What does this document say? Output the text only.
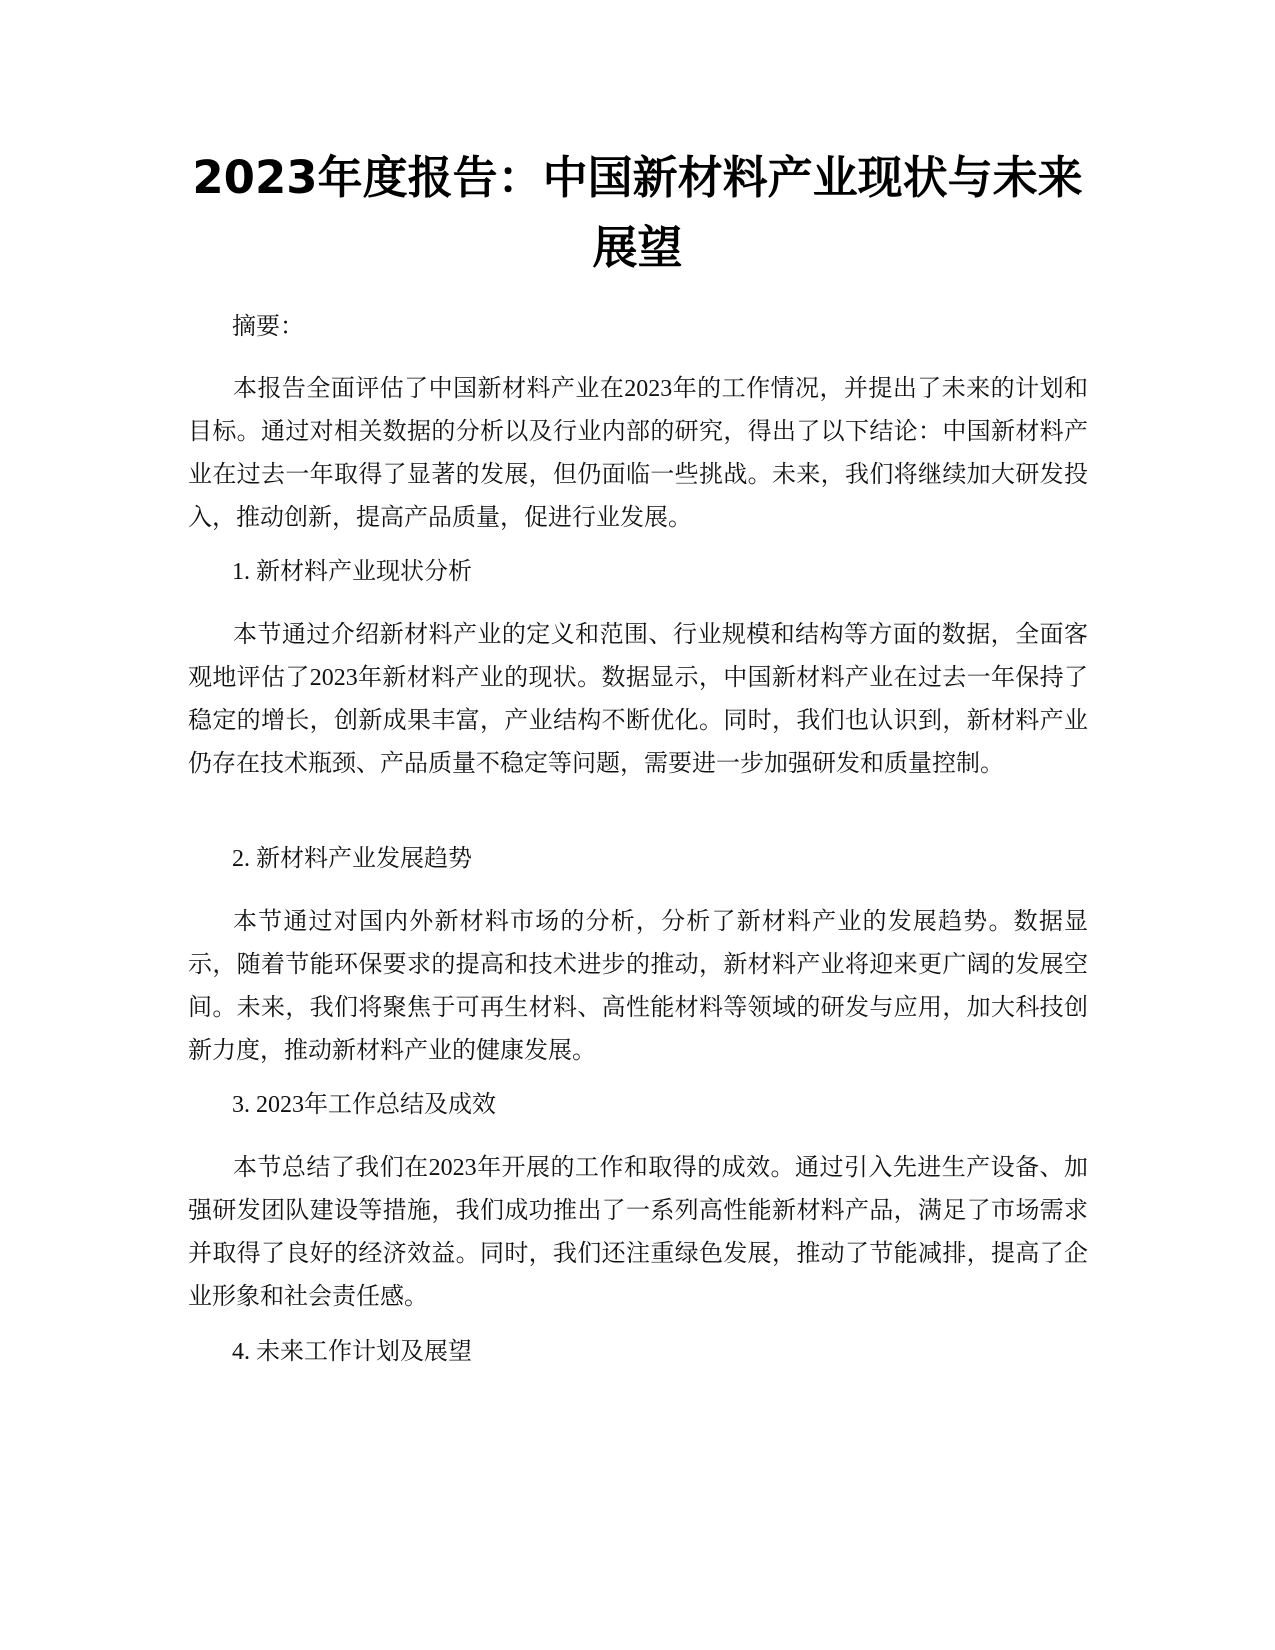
2023年度报告：中国新材料产业现状与未来展望

摘要：

本报告全面评估了中国新材料产业在2023年的工作情况，并提出了未来的计划和目标。通过对相关数据的分析以及行业内部的研究，得出了以下结论：中国新材料产业在过去一年取得了显著的发展，但仍面临一些挑战。未来，我们将继续加大研发投入，推动创新，提高产品质量，促进行业发展。

1. 新材料产业现状分析

本节通过介绍新材料产业的定义和范围、行业规模和结构等方面的数据，全面客观地评估了2023年新材料产业的现状。数据显示，中国新材料产业在过去一年保持了稳定的增长，创新成果丰富，产业结构不断优化。同时，我们也认识到，新材料产业仍存在技术瓶颈、产品质量不稳定等问题，需要进一步加强研发和质量控制。

2. 新材料产业发展趋势

本节通过对国内外新材料市场的分析，分析了新材料产业的发展趋势。数据显示，随着节能环保要求的提高和技术进步的推动，新材料产业将迎来更广阔的发展空间。未来，我们将聚焦于可再生材料、高性能材料等领域的研发与应用，加大科技创新力度，推动新材料产业的健康发展。

3. 2023年工作总结及成效

本节总结了我们在2023年开展的工作和取得的成效。通过引入先进生产设备、加强研发团队建设等措施，我们成功推出了一系列高性能新材料产品，满足了市场需求并取得了良好的经济效益。同时，我们还注重绿色发展，推动了节能减排，提高了企业形象和社会责任感。

4. 未来工作计划及展望
